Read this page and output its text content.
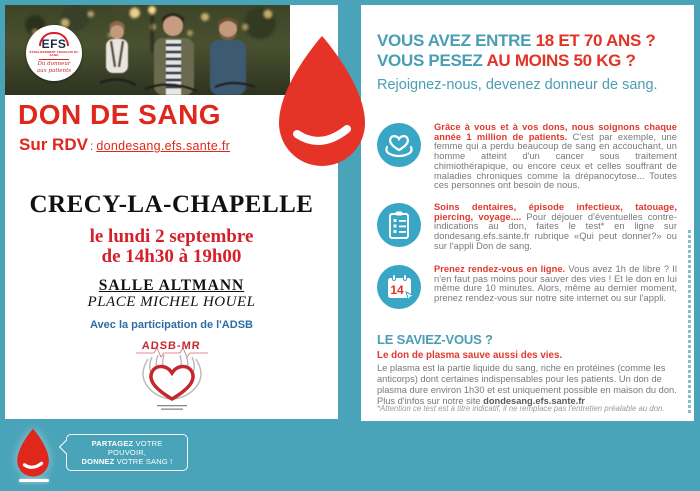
EFS
ÉTABLISSEMENT FRANÇAIS DU SANG
Du donneur
aux patients
DON DE SANG
Sur RDV : dondesang.efs.sante.fr
CRECY-LA-CHAPELLE
le lundi 2 septembre
de 14h30 à 19h00
SALLE ALTMANN
PLACE MICHEL HOUEL
Avec la participation de l'ADSB
ADSB-MR
VOUS AVEZ ENTRE 18 ET 70 ANS ?
VOUS PESEZ AU MOINS 50 KG ?
Rejoignez-nous, devenez donneur de sang.
Grâce à vous et à vos dons, nous soignons chaque année 1 million de patients. C'est par exemple, une femme qui a perdu beaucoup de sang en accouchant, un homme atteint d'un cancer sous traitement chimiothérapique, ou encore ceux et celles souffrant de maladies chroniques comme la drépanocytose... Toutes ces personnes ont besoin de nous.
Soins dentaires, épisode infectieux, tatouage, piercing, voyage.... Pour déjouer d'éventuelles contre-indications au don, faites le test* en ligne sur dondesang.efs.sante.fr rubrique «Qui peut donner?» ou sur l'appli Don de sang.
14
Prenez rendez-vous en ligne. Vous avez 1h de libre ? Il n'en faut pas moins pour sauver des vies ! Et le don en lui même dure 10 minutes. Alors, même au dernier moment, prenez rendez-vous sur notre site internet ou sur l'appli.
LE SAVIEZ-VOUS ?
Le don de plasma sauve aussi des vies.
Le plasma est la partie liquide du sang, riche en protéines (comme les anticorps) dont certaines indispensables pour les patients. Un don de plasma dure environ 1h30 et est uniquement possible en maison du don. Plus d'infos sur notre site dondesang.efs.sante.fr
*Attention ce test est à titre indicatif, il ne remplace pas l'entretien préalable au don.
PARTAGEZ VOTRE POUVOIR,
DONNEZ VOTRE SANG !
